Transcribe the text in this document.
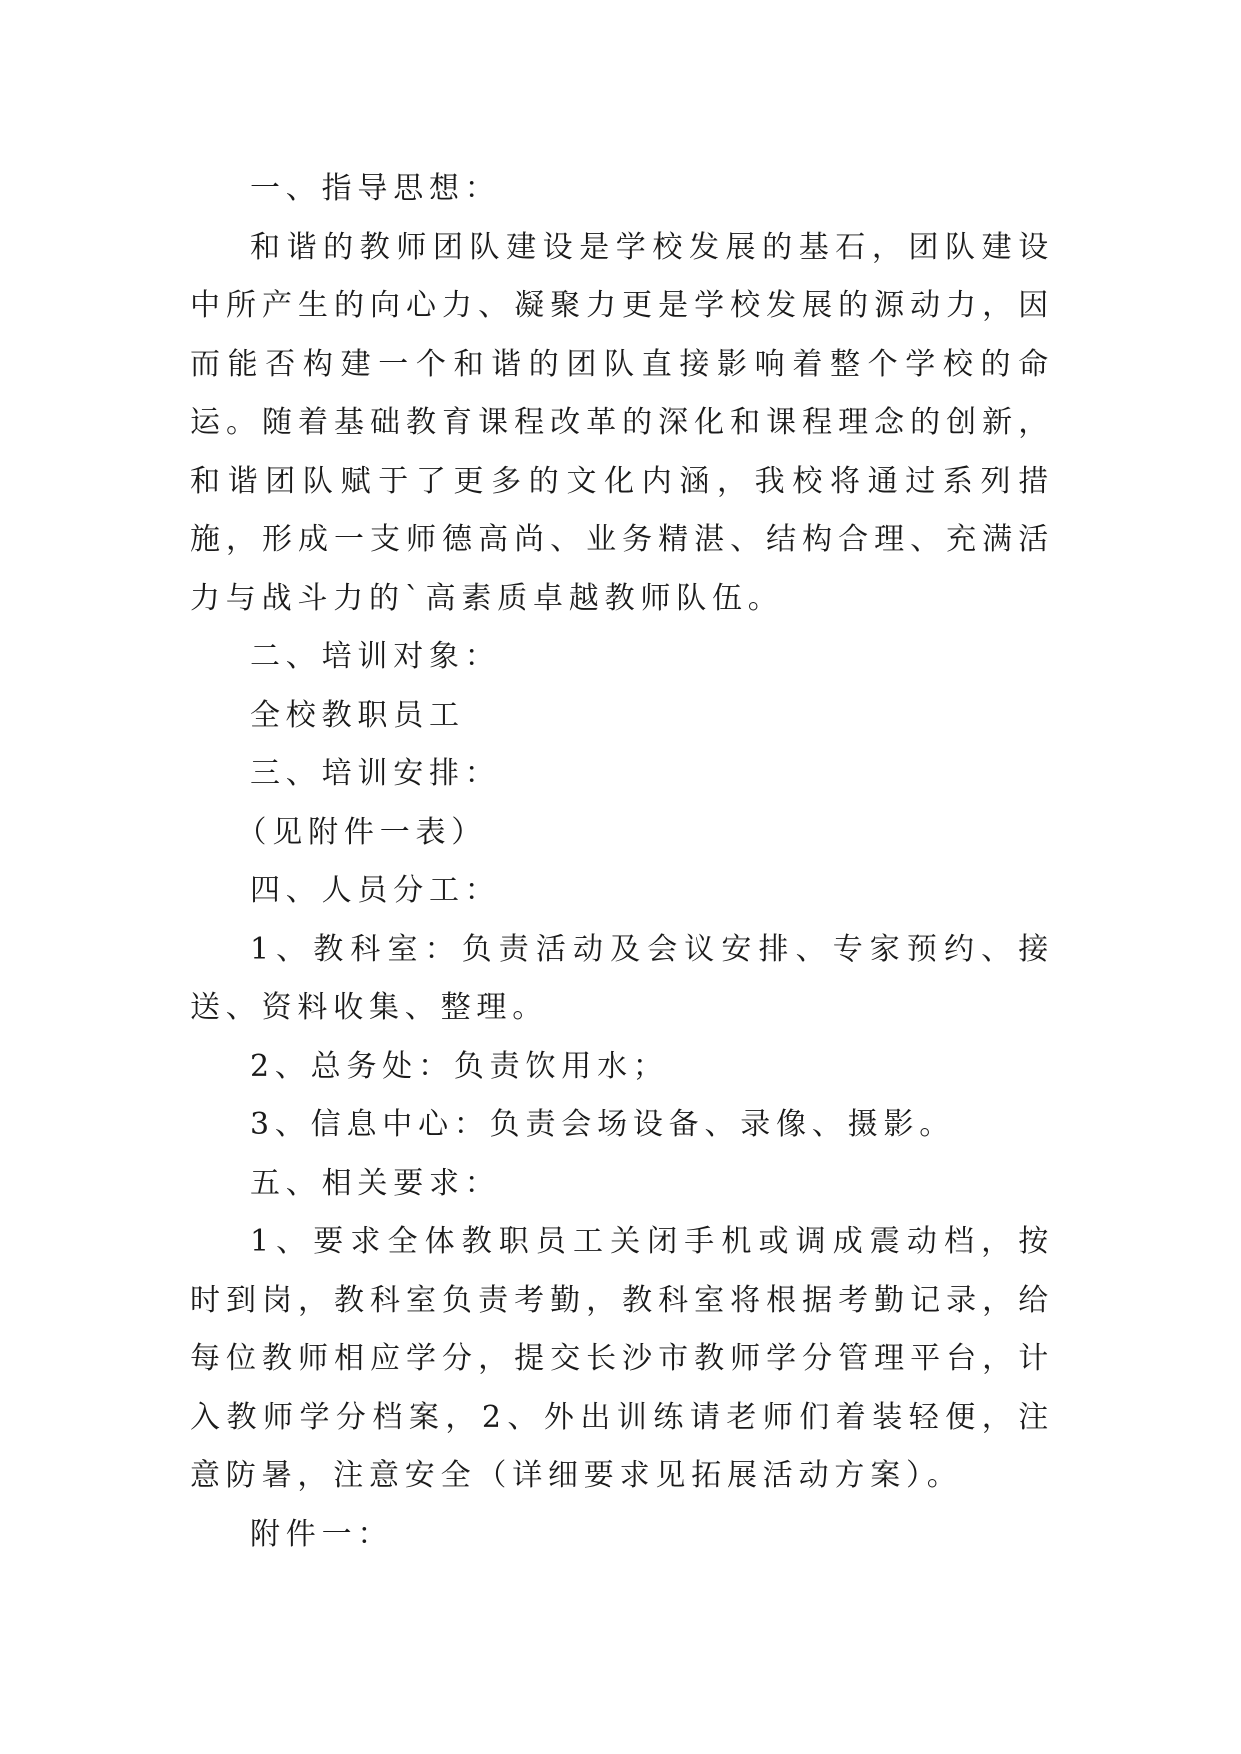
一、指导思想：

和谐的教师团队建设是学校发展的基石，团队建设中所产生的向心力、凝聚力更是学校发展的源动力，因而能否构建一个和谐的团队直接影响着整个学校的命运。随着基础教育课程改革的深化和课程理念的创新，和谐团队赋于了更多的文化内涵，我校将通过系列措施，形成一支师德高尚、业务精湛、结构合理、充满活力与战斗力的`高素质卓越教师队伍。

二、培训对象：

全校教职员工

三、培训安排：

（见附件一表）

四、人员分工：

1、教科室：负责活动及会议安排、专家预约、接送、资料收集、整理。

2、总务处：负责饮用水；

3、信息中心：负责会场设备、录像、摄影。

五、相关要求：

1、要求全体教职员工关闭手机或调成震动档，按时到岗，教科室负责考勤，教科室将根据考勤记录，给每位教师相应学分，提交长沙市教师学分管理平台，计入教师学分档案，2、外出训练请老师们着装轻便，注意防暑，注意安全（详细要求见拓展活动方案）。

附件一：
